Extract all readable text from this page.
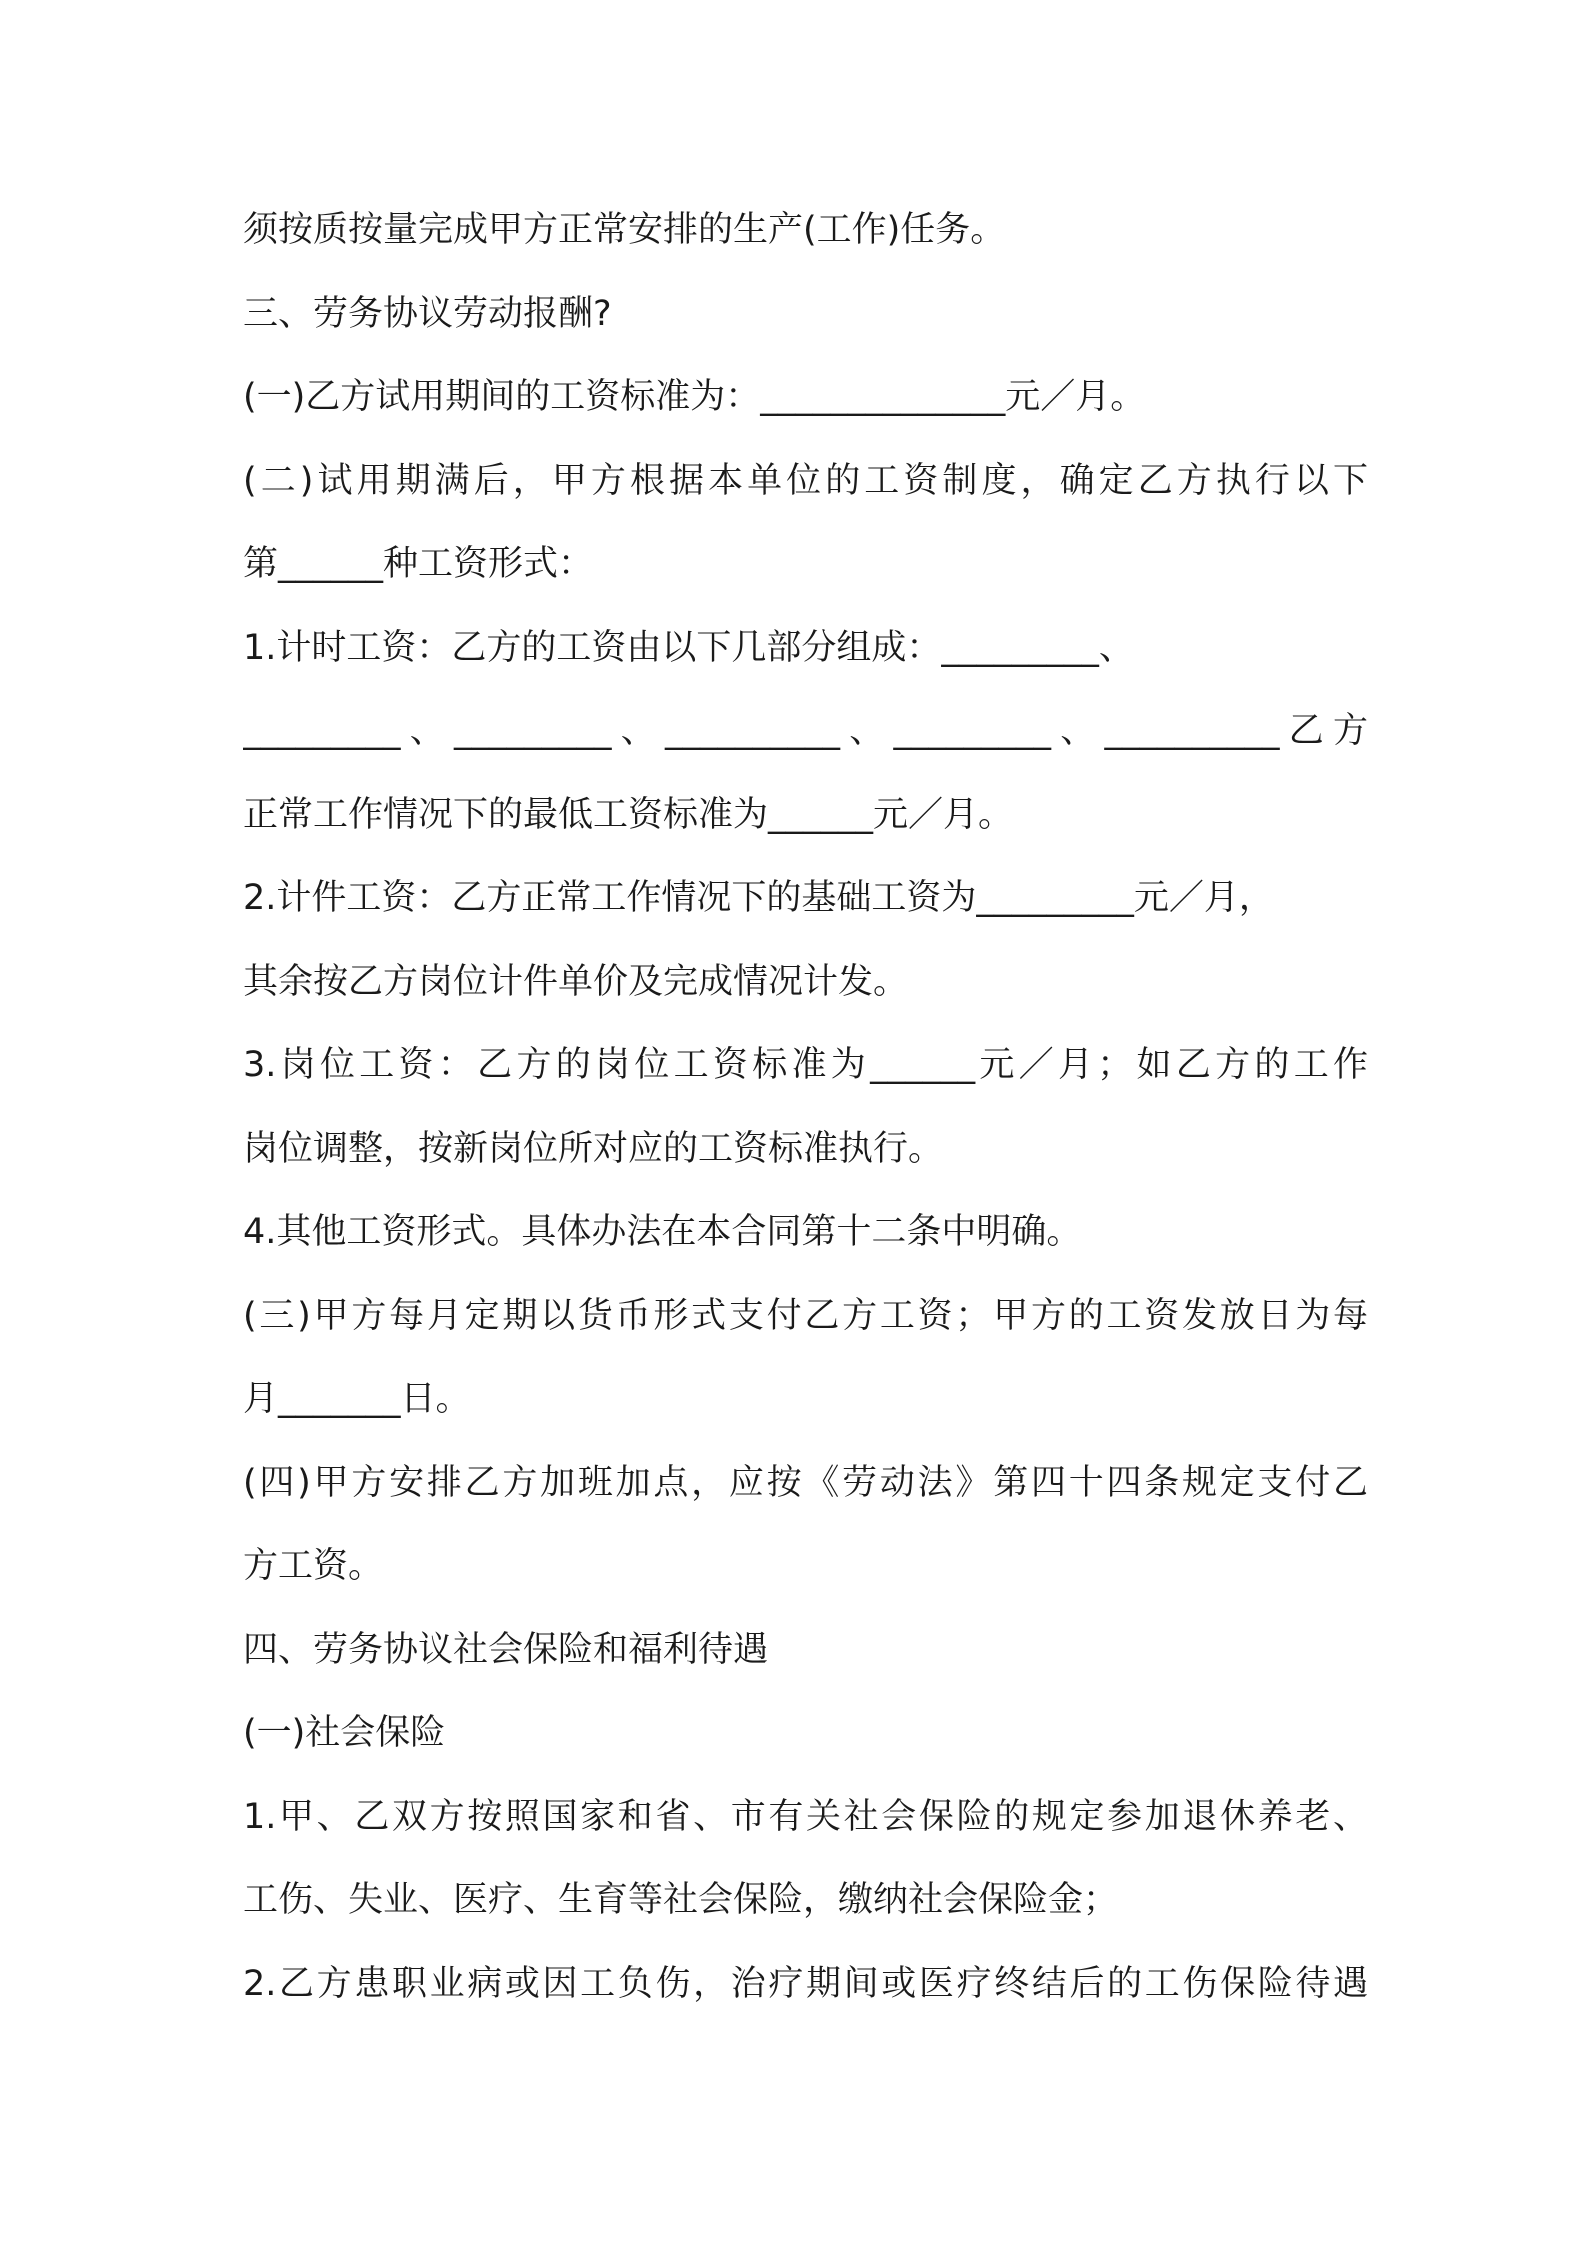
须按质按量完成甲方正常安排的生产(工作)任务。
三、劳务协议劳动报酬?
(一)乙方试用期间的工资标准为：______________元／月。
(二)试用期满后，甲方根据本单位的工资制度，确定乙方执行以下
第______种工资形式：
1.计时工资：乙方的工资由以下几部分组成：_________、
_________、_________、__________、_________、__________乙方
正常工作情况下的最低工资标准为______元／月。
2.计件工资：乙方正常工作情况下的基础工资为_________元／月，
其余按乙方岗位计件单价及完成情况计发。
3.岗位工资：乙方的岗位工资标准为______元／月；如乙方的工作
岗位调整，按新岗位所对应的工资标准执行。
4.其他工资形式。具体办法在本合同第十二条中明确。
(三)甲方每月定期以货币形式支付乙方工资；甲方的工资发放日为每
月_______日。
(四)甲方安排乙方加班加点，应按《劳动法》第四十四条规定支付乙
方工资。
四、劳务协议社会保险和福利待遇
(一)社会保险
1.甲、乙双方按照国家和省、市有关社会保险的规定参加退休养老、
工伤、失业、医疗、生育等社会保险，缴纳社会保险金；
2.乙方患职业病或因工负伤，治疗期间或医疗终结后的工伤保险待遇
